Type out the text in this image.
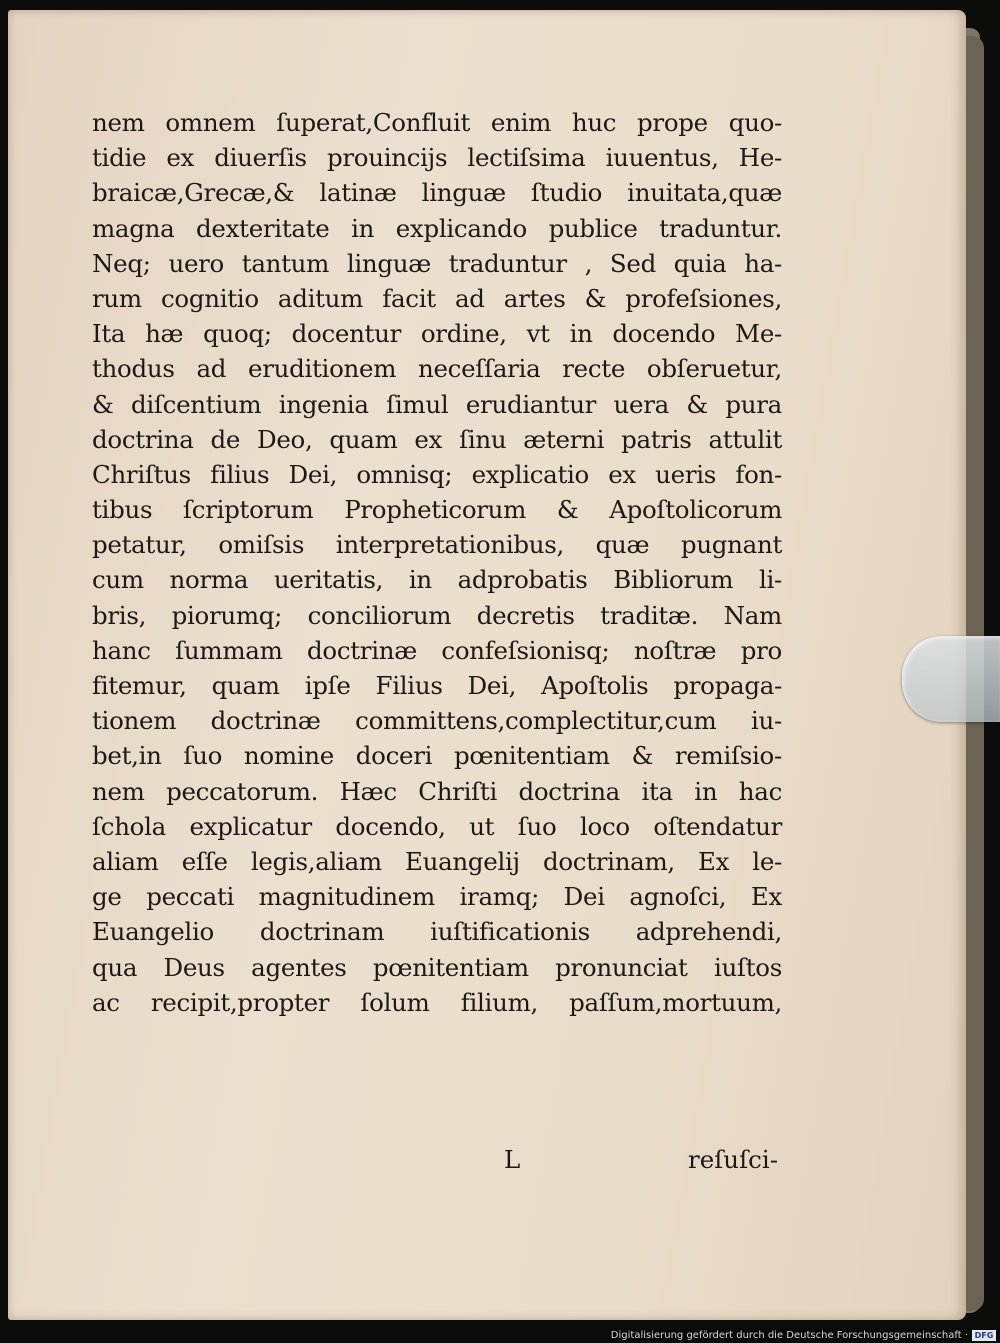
nem omnem ſuperat,Confluit enim huc prope quo-
tidie ex diuerſis prouincijs lectiſsima iuuentus, He-
braicæ,Grecæ,& latinæ linguæ ſtudio inuitata,quæ
magna dexteritate in explicando publice traduntur.
Neq; uero tantum linguæ traduntur , Sed quia ha-
rum cognitio aditum facit ad artes & profeſsiones,
Ita hæ quoq; docentur ordine, vt in docendo Me-
thodus ad eruditionem neceſſaria recte obſeruetur,
& diſcentium ingenia ſimul erudiantur uera & pura
doctrina de Deo, quam ex ſinu æterni patris attulit
Chriſtus filius Dei, omnisq; explicatio ex ueris fon-
tibus ſcriptorum Propheticorum & Apoſtolicorum
petatur, omiſsis interpretationibus, quæ pugnant
cum norma ueritatis, in adprobatis Bibliorum li-
bris, piorumq; conciliorum decretis traditæ. Nam
hanc ſummam doctrinæ confeſsionisq; noſtræ pro
fitemur, quam ipſe Filius Dei, Apoſtolis propaga-
tionem doctrinæ committens,complectitur,cum iu-
bet,in ſuo nomine doceri pœnitentiam & remiſsio-
nem peccatorum. Hæc Chriſti doctrina ita in hac
ſchola explicatur docendo, ut ſuo loco oſtendatur
aliam eſſe legis,aliam Euangelij doctrinam, Ex le-
ge peccati magnitudinem iramq; Dei agnoſci, Ex
Euangelio doctrinam iuſtificationis adprehendi,
qua Deus agentes pœnitentiam pronunciat iuſtos
ac recipit,propter ſolum filium, paſſum,mortuum,
L	reſuſci-
Digitalisierung gefördert durch die Deutsche Forschungsgemeinschaft · DFG
